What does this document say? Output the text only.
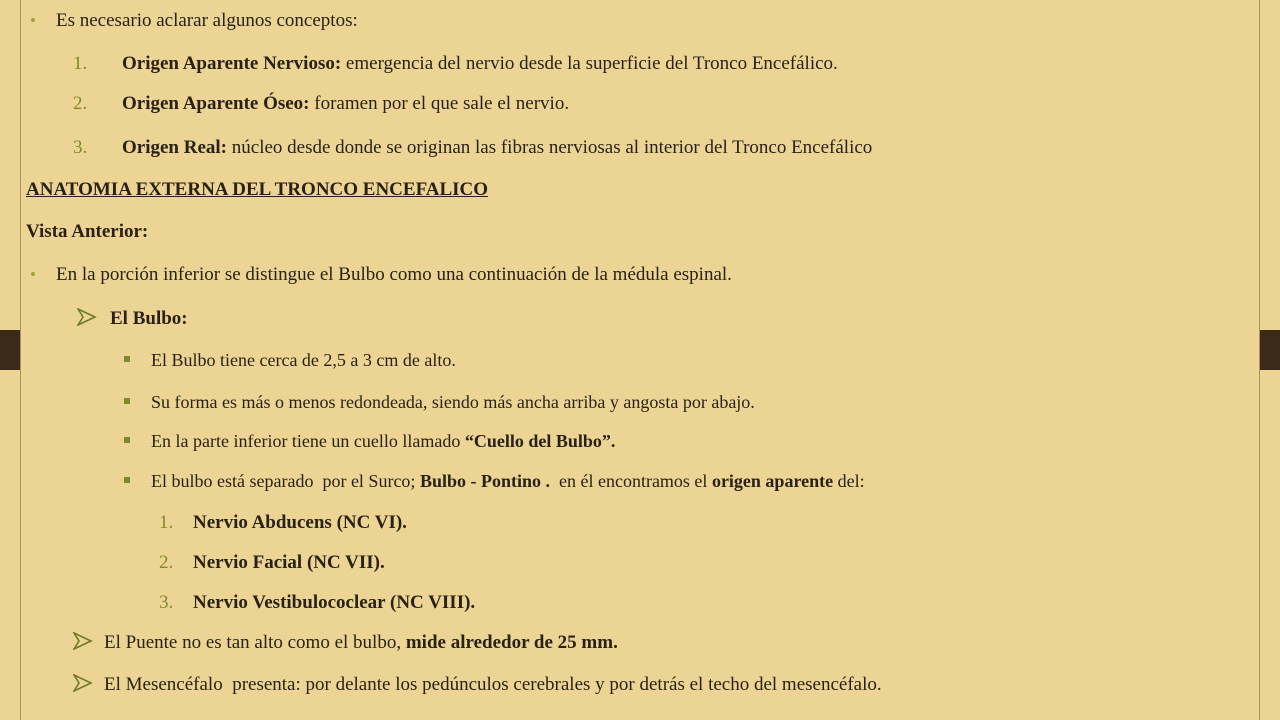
• Es necesario aclarar algunos conceptos:
1. Origen Aparente Nervioso: emergencia del nervio desde la superficie del Tronco Encefálico.
2. Origen Aparente Óseo: foramen por el que sale el nervio.
3. Origen Real: núcleo desde donde se originan las fibras nerviosas al interior del Tronco Encefálico
ANATOMIA EXTERNA DEL TRONCO ENCEFALICO
Vista Anterior:
• En la porción inferior se distingue el Bulbo como una continuación de la médula espinal.
El Bulbo:
El Bulbo tiene cerca de 2,5 a 3 cm de alto.
Su forma es más o menos redondeada, siendo más ancha arriba y angosta por abajo.
En la parte inferior tiene un cuello llamado “Cuello del Bulbo”.
El bulbo está separado  por el Surco; Bulbo - Pontino .  en él encontramos el origen aparente del:
1. Nervio Abducens (NC VI).
2. Nervio Facial (NC VII).
3. Nervio Vestibulococlear (NC VIII).
El Puente no es tan alto como el bulbo, mide alrededor de 25 mm.
El Mesencéfalo  presenta: por delante los pedúnculos cerebrales y por detrás el techo del mesencéfalo.
